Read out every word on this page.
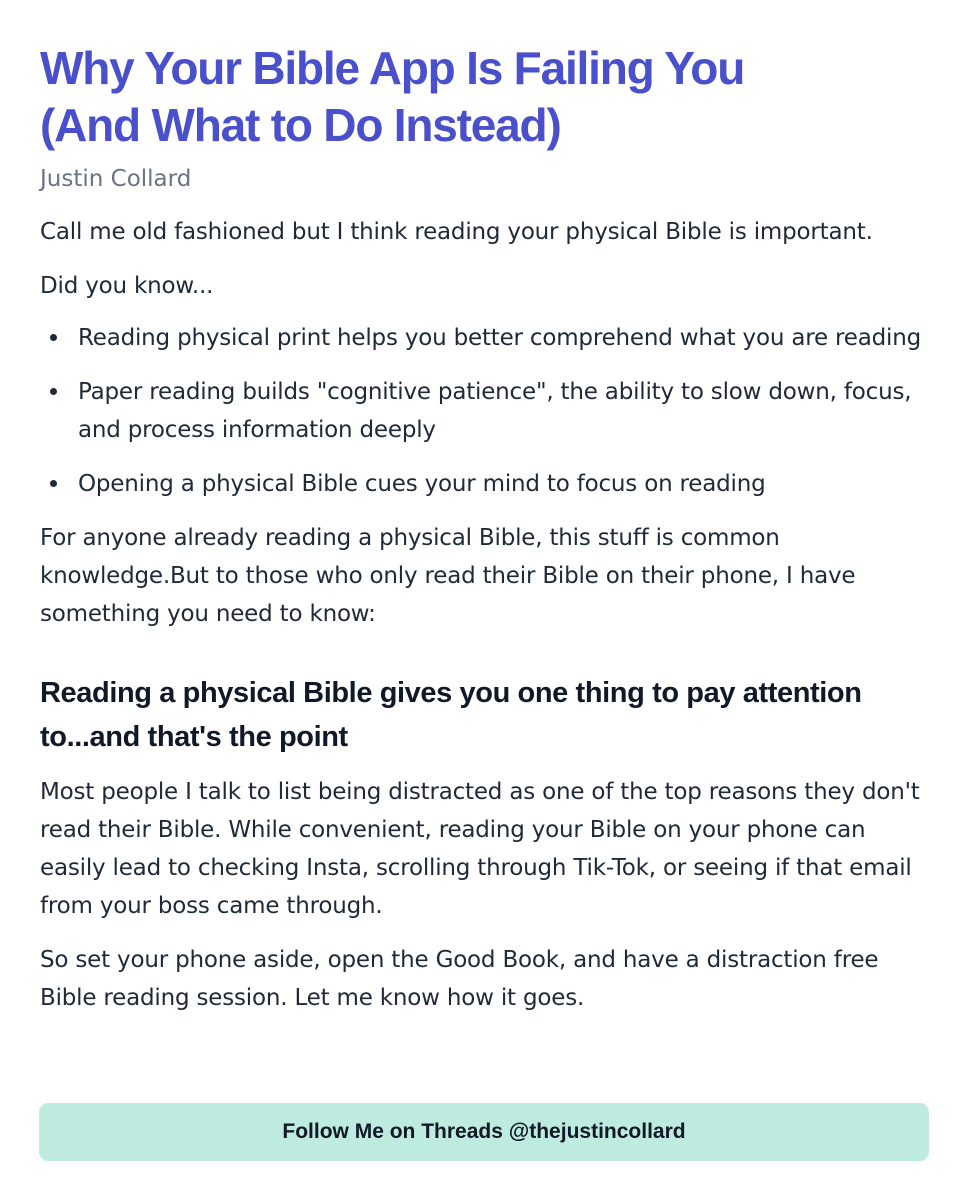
Why Your Bible App Is Failing You
(And What to Do Instead)
Justin Collard

Call me old fashioned but I think reading your physical Bible is important.

Did you know...

Reading physical print helps you better comprehend what you are reading
Paper reading builds "cognitive patience", the ability to slow down, focus, and process information deeply
Opening a physical Bible cues your mind to focus on reading

For anyone already reading a physical Bible, this stuff is common knowledge.But to those who only read their Bible on their phone, I have something you need to know:

Reading a physical Bible gives you one thing to pay attention to...and that's the point

Most people I talk to list being distracted as one of the top reasons they don't read their Bible. While convenient, reading your Bible on your phone can easily lead to checking Insta, scrolling through Tik-Tok, or seeing if that email from your boss came through.

So set your phone aside, open the Good Book, and have a distraction free Bible reading session. Let me know how it goes.

Follow Me on Threads @thejustincollard
